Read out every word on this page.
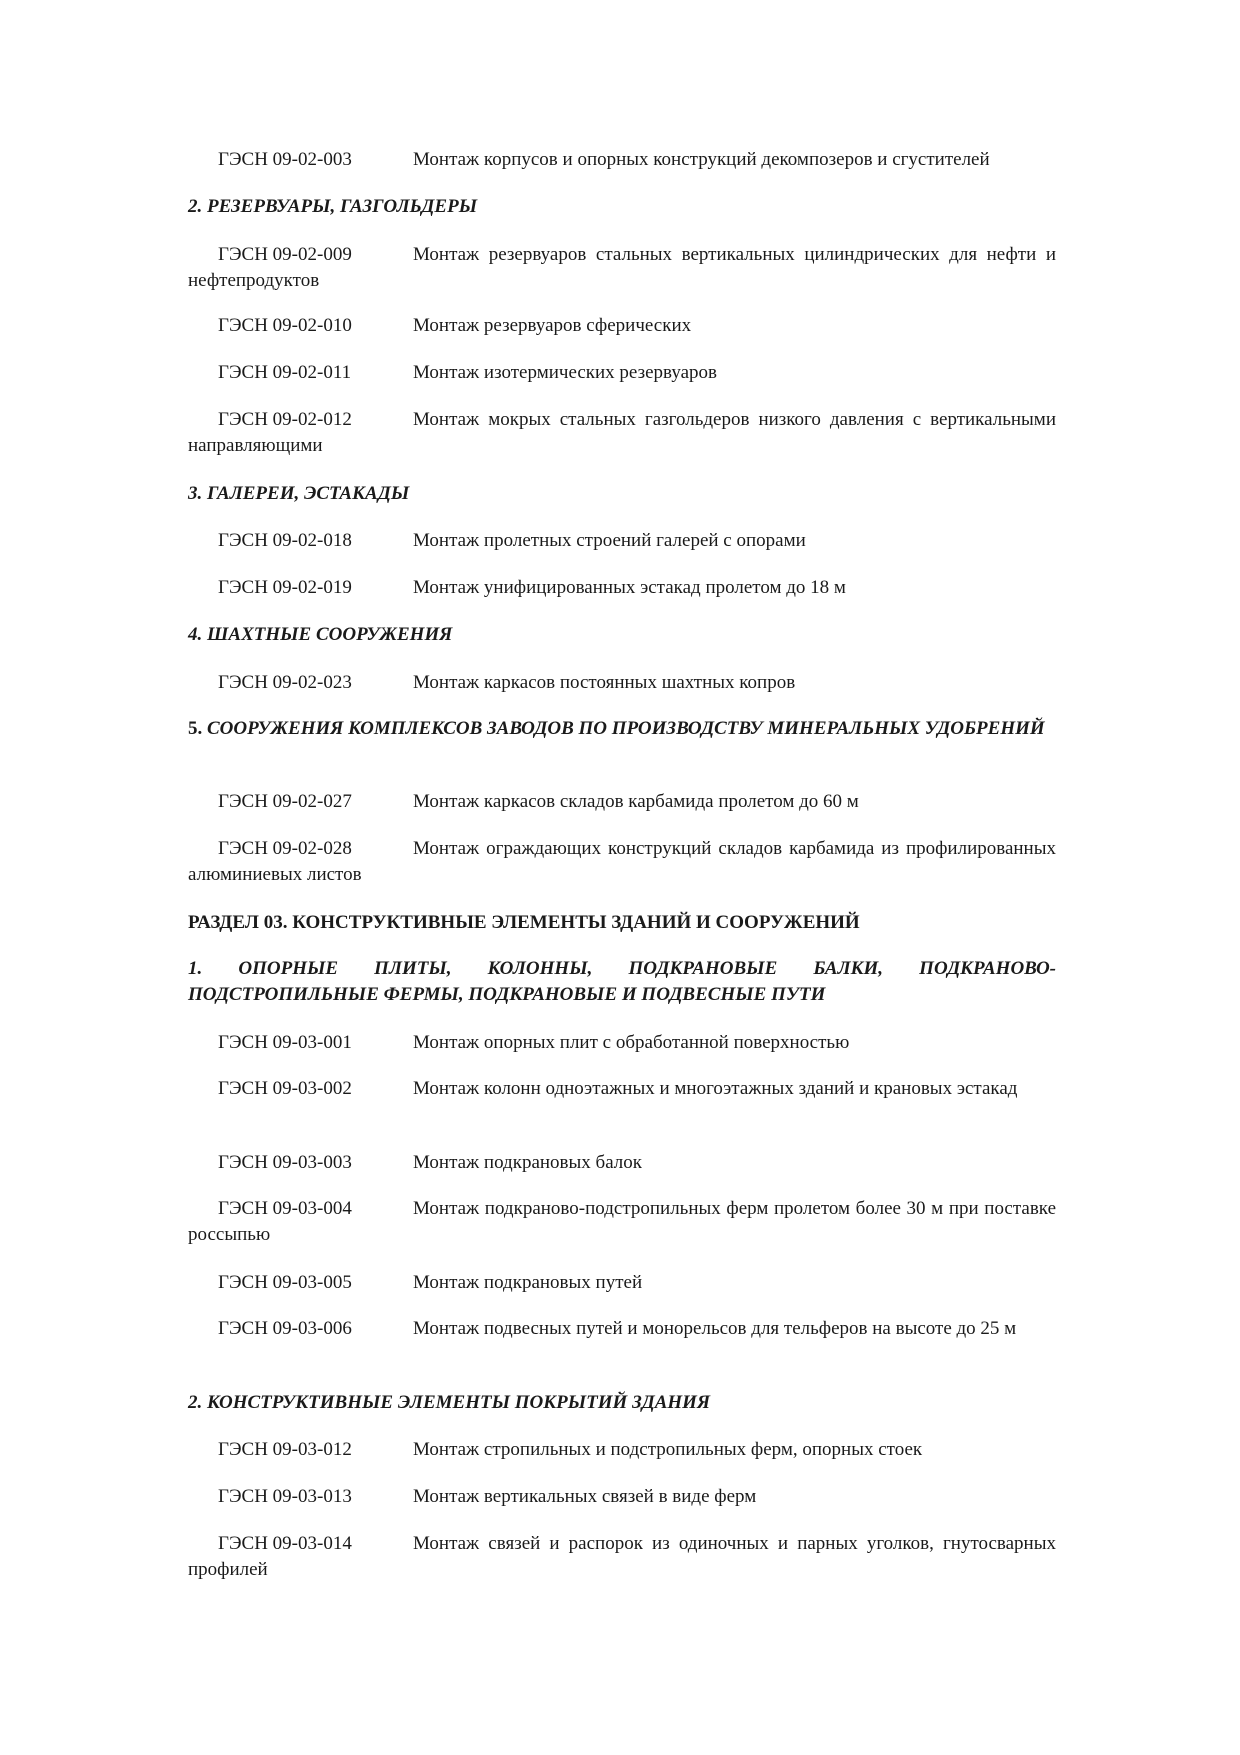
ГЭСН 09-02-003	Монтаж корпусов и опорных конструкций декомпозеров и сгустителей
2. РЕЗЕРВУАРЫ, ГАЗГОЛЬДЕРЫ
ГЭСН 09-02-009	Монтаж резервуаров стальных вертикальных цилиндрических для нефти и нефтепродуктов
ГЭСН 09-02-010	Монтаж резервуаров сферических
ГЭСН 09-02-011	Монтаж изотермических резервуаров
ГЭСН 09-02-012	Монтаж мокрых стальных газгольдеров низкого давления с вертикальными направляющими
3. ГАЛЕРЕИ, ЭСТАКАДЫ
ГЭСН 09-02-018	Монтаж пролетных строений галерей с опорами
ГЭСН 09-02-019	Монтаж унифицированных эстакад пролетом до 18 м
4. ШАХТНЫЕ СООРУЖЕНИЯ
ГЭСН 09-02-023	Монтаж каркасов постоянных шахтных копров
5. СООРУЖЕНИЯ КОМПЛЕКСОВ ЗАВОДОВ ПО ПРОИЗВОДСТВУ МИНЕРАЛЬНЫХ УДОБРЕНИЙ
ГЭСН 09-02-027	Монтаж каркасов складов карбамида пролетом до 60 м
ГЭСН 09-02-028	Монтаж ограждающих конструкций складов карбамида из профилированных алюминиевых листов
РАЗДЕЛ 03. КОНСТРУКТИВНЫЕ ЭЛЕМЕНТЫ ЗДАНИЙ И СООРУЖЕНИЙ
1. ОПОРНЫЕ ПЛИТЫ, КОЛОННЫ, ПОДКРАНОВЫЕ БАЛКИ, ПОДКРАНОВО-ПОДСТРОПИЛЬНЫЕ ФЕРМЫ, ПОДКРАНОВЫЕ И ПОДВЕСНЫЕ ПУТИ
ГЭСН 09-03-001	Монтаж опорных плит с обработанной поверхностью
ГЭСН 09-03-002	Монтаж колонн одноэтажных и многоэтажных зданий и крановых эстакад
ГЭСН 09-03-003	Монтаж подкрановых балок
ГЭСН 09-03-004	Монтаж подкраново-подстропильных ферм пролетом более 30 м при поставке россыпью
ГЭСН 09-03-005	Монтаж подкрановых путей
ГЭСН 09-03-006	Монтаж подвесных путей и монорельсов для тельферов на высоте до 25 м
2. КОНСТРУКТИВНЫЕ ЭЛЕМЕНТЫ ПОКРЫТИЙ ЗДАНИЯ
ГЭСН 09-03-012	Монтаж стропильных и подстропильных ферм, опорных стоек
ГЭСН 09-03-013	Монтаж вертикальных связей в виде ферм
ГЭСН 09-03-014	Монтаж связей и распорок из одиночных и парных уголков, гнутосварных профилей
